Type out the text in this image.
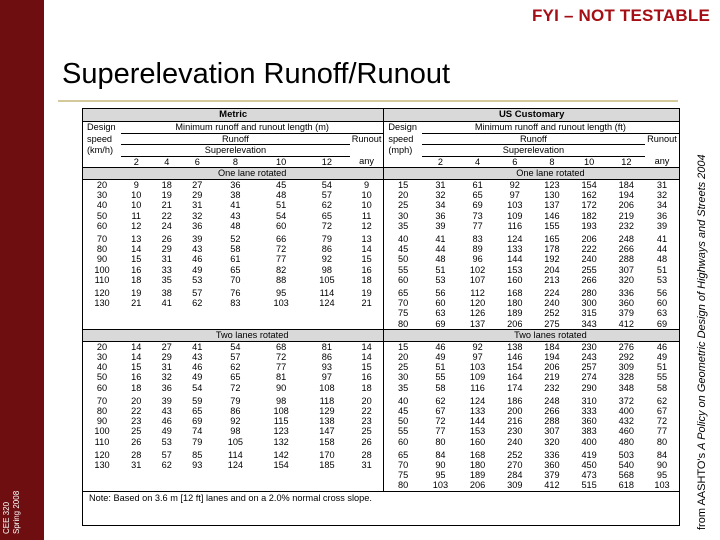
CEE 320 Spring 2008
FYI – NOT TESTABLE
Superelevation Runoff/Runout
from AASHTO's A Policy on Geometric Design of Highways and Streets 2004
Metric								US Customary							
Design	Minimum runoff and runout length (m)							Design	Minimum runoff and runout length (ft)						
speed	Runoff						Runout	speed	Runoff						Runout
(km/h)	Superelevation							(mph)	Superelevation						
	2	4	6	8	10	12	any		2	4	6	8	10	12	any
	One lane rotated								One lane rotated						
20	9	18	27	36	45	54	9	15	31	61	92	123	154	184	31
30	10	19	29	38	48	57	10	20	32	65	97	130	162	194	32
40	10	21	31	41	51	62	10	25	34	69	103	137	172	206	34
50	11	22	32	43	54	65	11	30	36	73	109	146	182	219	36
60	12	24	36	48	60	72	12	35	39	77	116	155	193	232	39
70	13	26	39	52	66	79	13	40	41	83	124	165	206	248	41
80	14	29	43	58	72	86	14	45	44	89	133	178	222	266	44
90	15	31	46	61	77	92	15	50	48	96	144	192	240	288	48
100	16	33	49	65	82	98	16	55	51	102	153	204	255	307	51
110	18	35	53	70	88	105	18	60	53	107	160	213	266	320	53
120	19	38	57	76	95	114	19	65	56	112	168	224	280	336	56
130	21	41	62	83	103	124	21	70	60	120	180	240	300	360	60
								75	63	126	189	252	315	379	63
								80	69	137	206	275	343	412	69
	Two lanes rotated								Two lanes rotated						
20	14	27	41	54	68	81	14	15	46	92	138	184	230	276	46
30	14	29	43	57	72	86	14	20	49	97	146	194	243	292	49
40	15	31	46	62	77	93	15	25	51	103	154	206	257	309	51
50	16	32	49	65	81	97	16	30	55	109	164	219	274	328	55
60	18	36	54	72	90	108	18	35	58	116	174	232	290	348	58
70	20	39	59	79	98	118	20	40	62	124	186	248	310	372	62
80	22	43	65	86	108	129	22	45	67	133	200	266	333	400	67
90	23	46	69	92	115	138	23	50	72	144	216	288	360	432	72
100	25	49	74	98	123	147	25	55	77	153	230	307	383	460	77
110	26	53	79	105	132	158	26	60	80	160	240	320	400	480	80
120	28	57	85	114	142	170	28	65	84	168	252	336	419	503	84
130	31	62	93	124	154	185	31	70	90	180	270	360	450	540	90
								75	95	189	284	379	473	568	95
								80	103	206	309	412	515	618	103
Note: Based on 3.6 m [12 ft] lanes and on a 2.0% normal cross slope.															
